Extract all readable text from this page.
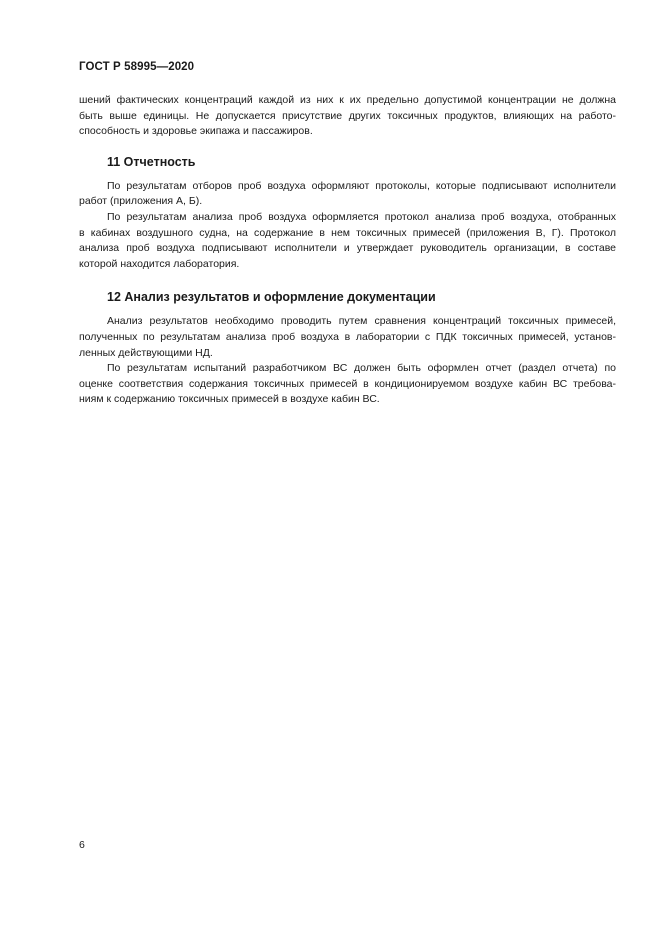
ГОСТ Р 58995—2020
шений фактических концентраций каждой из них к их предельно допустимой концентрации не должна
быть выше единицы. Не допускается присутствие других токсичных продуктов, влияющих на работо-
способность и здоровье экипажа и пассажиров.
11 Отчетность
По результатам отборов проб воздуха оформляют протоколы, которые подписывают исполнители
работ (приложения А, Б).
По результатам анализа проб воздуха оформляется протокол анализа проб воздуха, отобранных
в кабинах воздушного судна, на содержание в нем токсичных примесей (приложения В, Г). Протокол
анализа проб воздуха подписывают исполнители и утверждает руководитель организации, в составе
которой находится лаборатория.
12 Анализ результатов и оформление документации
Анализ результатов необходимо проводить путем сравнения концентраций токсичных примесей,
полученных по результатам анализа проб воздуха в лаборатории с ПДК токсичных примесей, установ-
ленных действующими НД.
По результатам испытаний разработчиком ВС должен быть оформлен отчет (раздел отчета) по
оценке соответствия содержания токсичных примесей в кондиционируемом воздухе кабин ВС требова-
ниям к содержанию токсичных примесей в воздухе кабин ВС.
6
